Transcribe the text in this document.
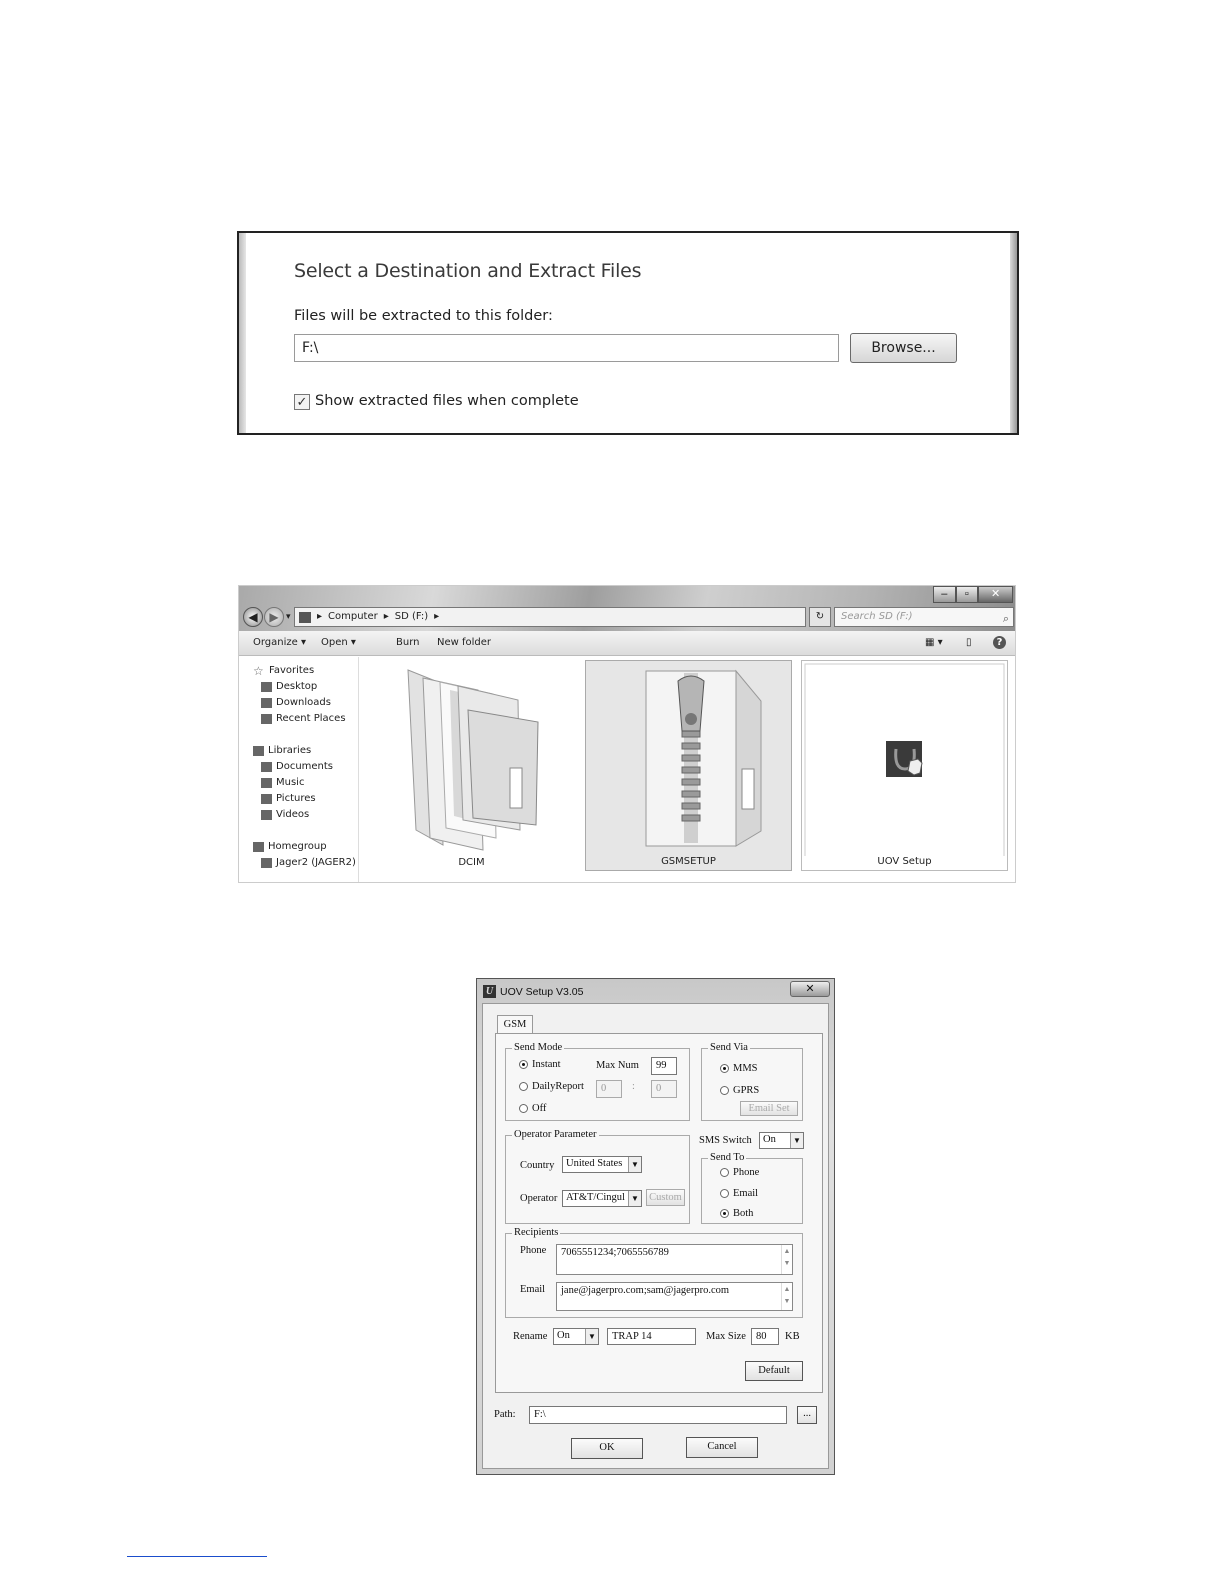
Select a Destination and Extract Files
Files will be extracted to this folder:
F:\	Browse...
✓ Show extracted files when complete
–	▫	✕
◀ ▶ ▾	▸ Computer ▸ SD (F:) ▸	↻	Search SD (F:)	⌕
Organize ▾ Open ▾	Burn New folder	▦ ▾ ▯	?
☆ Favorites
Desktop
Downloads
Recent Places
Libraries
Documents
Music
Pictures
Videos
Homegroup
Jager2 (JAGER2)	DCIM	GSMSETUP	UOV Setup
U UOV Setup V3.05	✕
GSM
Send Mode
Instant
DailyReport
Off
Max Num	99
0	:	0
Send Via
MMS
GPRS
Email Set
Operator Parameter
Country	United States	▼
Operator AT&T/Cingul ▼ Custom
SMS Switch	On	▼
Send To
Phone
Email
Both
Recipients
Phone	7065551234;7065556789	▲
▼
Email	jane@jagerpro.com;sam@jagerpro.com	▲
▼
Rename On	▼	TRAP 14	Max Size 80	KB
Default
Path:	F:\	...
OK	Cancel
